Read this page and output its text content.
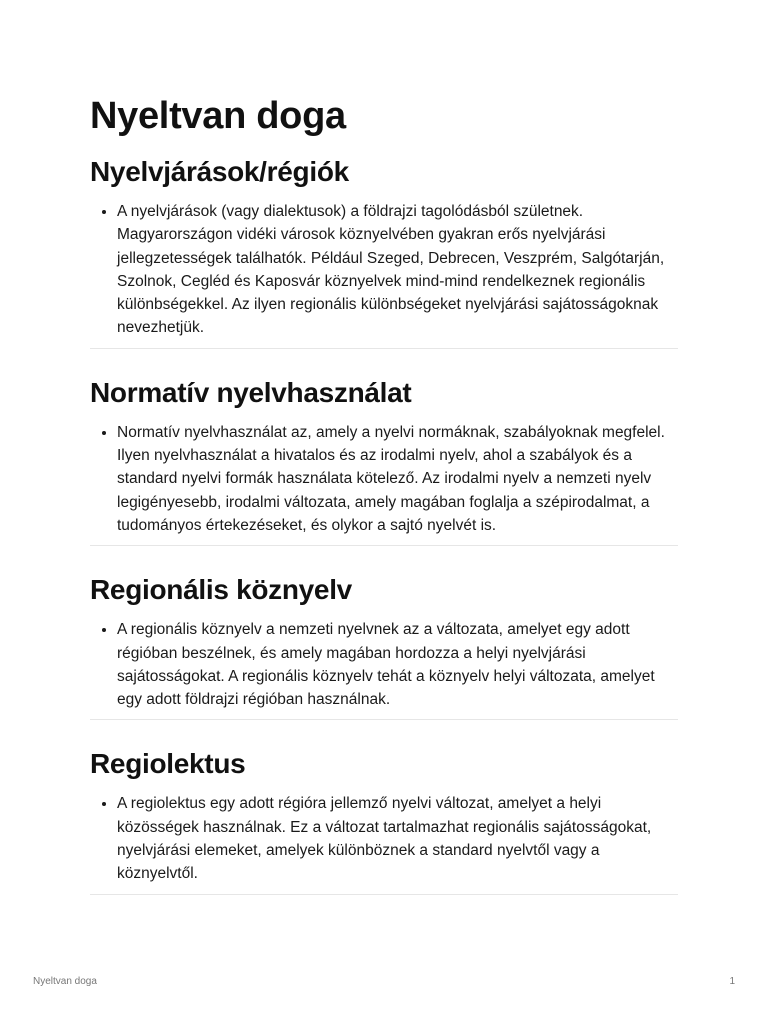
Nyeltvan doga
Nyelvjárások/régiók
• A nyelvjárások (vagy dialektusok) a földrajzi tagolódásból születnek. Magyarországon vidéki városok köznyelvében gyakran erős nyelvjárási jellegzetességek találhatók. Például Szeged, Debrecen, Veszprém, Salgótarján, Szolnok, Cegléd és Kaposvár köznyelvek mind-mind rendelkeznek regionális különbségekkel. Az ilyen regionális különbségeket nyelvjárási sajátosságoknak nevezhetjük.
Normatív nyelvhasználat
• Normatív nyelvhasználat az, amely a nyelvi normáknak, szabályoknak megfelel. Ilyen nyelvhasználat a hivatalos és az irodalmi nyelv, ahol a szabályok és a standard nyelvi formák használata kötelező. Az irodalmi nyelv a nemzeti nyelv legigényesebb, irodalmi változata, amely magában foglalja a szépirodalmat, a tudományos értekezéseket, és olykor a sajtó nyelvét is.
Regionális köznyelv
• A regionális köznyelv a nemzeti nyelvnek az a változata, amelyet egy adott régióban beszélnek, és amely magában hordozza a helyi nyelvjárási sajátosságokat. A regionális köznyelv tehát a köznyelv helyi változata, amelyet egy adott földrajzi régióban használnak.
Regiolektus
• A regiolektus egy adott régióra jellemző nyelvi változat, amelyet a helyi közösségek használnak. Ez a változat tartalmazhat regionális sajátosságokat, nyelvjárási elemeket, amelyek különböznek a standard nyelvtől vagy a köznyelvtől.
Nyeltvan doga	1
